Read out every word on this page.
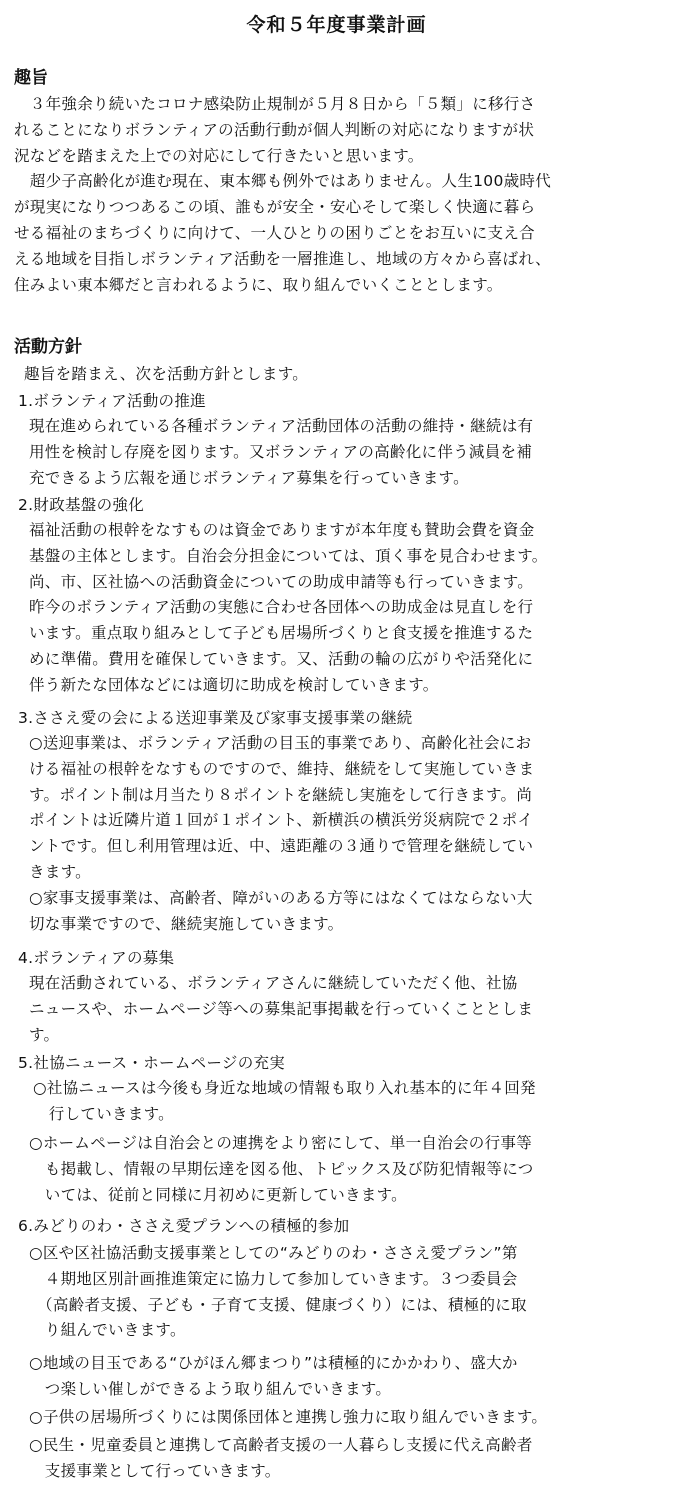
令和５年度事業計画
趣旨
　３年強余り続いたコロナ感染防止規制が５月８日から「５類」に移行さ
れることになりボランティアの活動行動が個人判断の対応になりますが状
況などを踏まえた上での対応にして行きたいと思います。
　超少子高齢化が進む現在、東本郷も例外ではありません。人生100歳時代
が現実になりつつあるこの頃、誰もが安全・安心そして楽しく快適に暮ら
せる福祉のまちづくりに向けて、一人ひとりの困りごとをお互いに支え合
える地域を目指しボランティア活動を一層推進し、地域の方々から喜ばれ、
住みよい東本郷だと言われるように、取り組んでいくこととします。
活動方針
趣旨を踏まえ、次を活動方針とします。
1.ボランティア活動の推進
現在進められている各種ボランティア活動団体の活動の維持・継続は有
用性を検討し存廃を図ります。又ボランティアの高齢化に伴う減員を補
充できるよう広報を通じボランティア募集を行っていきます。
2.財政基盤の強化
福祉活動の根幹をなすものは資金でありますが本年度も賛助会費を資金
基盤の主体とします。自治会分担金については、頂く事を見合わせます。
尚、市、区社協への活動資金についての助成申請等も行っていきます。
昨今のボランティア活動の実態に合わせ各団体への助成金は見直しを行
います。重点取り組みとして子ども居場所づくりと食支援を推進するた
めに準備。費用を確保していきます。又、活動の輪の広がりや活発化に
伴う新たな団体などには適切に助成を検討していきます。
3.ささえ愛の会による送迎事業及び家事支援事業の継続
○送迎事業は、ボランティア活動の目玉的事業であり、高齢化社会にお
ける福祉の根幹をなすものですので、維持、継続をして実施していきま
す。ポイント制は月当たり８ポイントを継続し実施をして行きます。尚
ポイントは近隣片道１回が１ポイント、新横浜の横浜労災病院で２ポイ
ントです。但し利用管理は近、中、遠距離の３通りで管理を継続してい
きます。
○家事支援事業は、高齢者、障がいのある方等にはなくてはならない大
切な事業ですので、継続実施していきます。
4.ボランティアの募集
現在活動されている、ボランティアさんに継続していただく他、社協
ニュースや、ホームページ等への募集記事掲載を行っていくこととしま
す。
5.社協ニュース・ホームページの充実
○社協ニュースは今後も身近な地域の情報も取り入れ基本的に年４回発
　行していきます。
○ホームページは自治会との連携をより密にして、単一自治会の行事等
　も掲載し、情報の早期伝達を図る他、トピックス及び防犯情報等につ
　いては、従前と同様に月初めに更新していきます。
6.みどりのわ・ささえ愛プランへの積極的参加
○区や区社協活動支援事業としての“みどりのわ・ささえ愛プラン”第
　４期地区別計画推進策定に協力して参加していきます。３つ委員会
　（高齢者支援、子ども・子育て支援、健康づくり）には、積極的に取
　り組んでいきます。
○地域の目玉である“ひがほん郷まつり”は積極的にかかわり、盛大か
　つ楽しい催しができるよう取り組んでいきます。
○子供の居場所づくりには関係団体と連携し強力に取り組んでいきます。
○民生・児童委員と連携して高齢者支援の一人暮らし支援に代え高齢者
　支援事業として行っていきます。
